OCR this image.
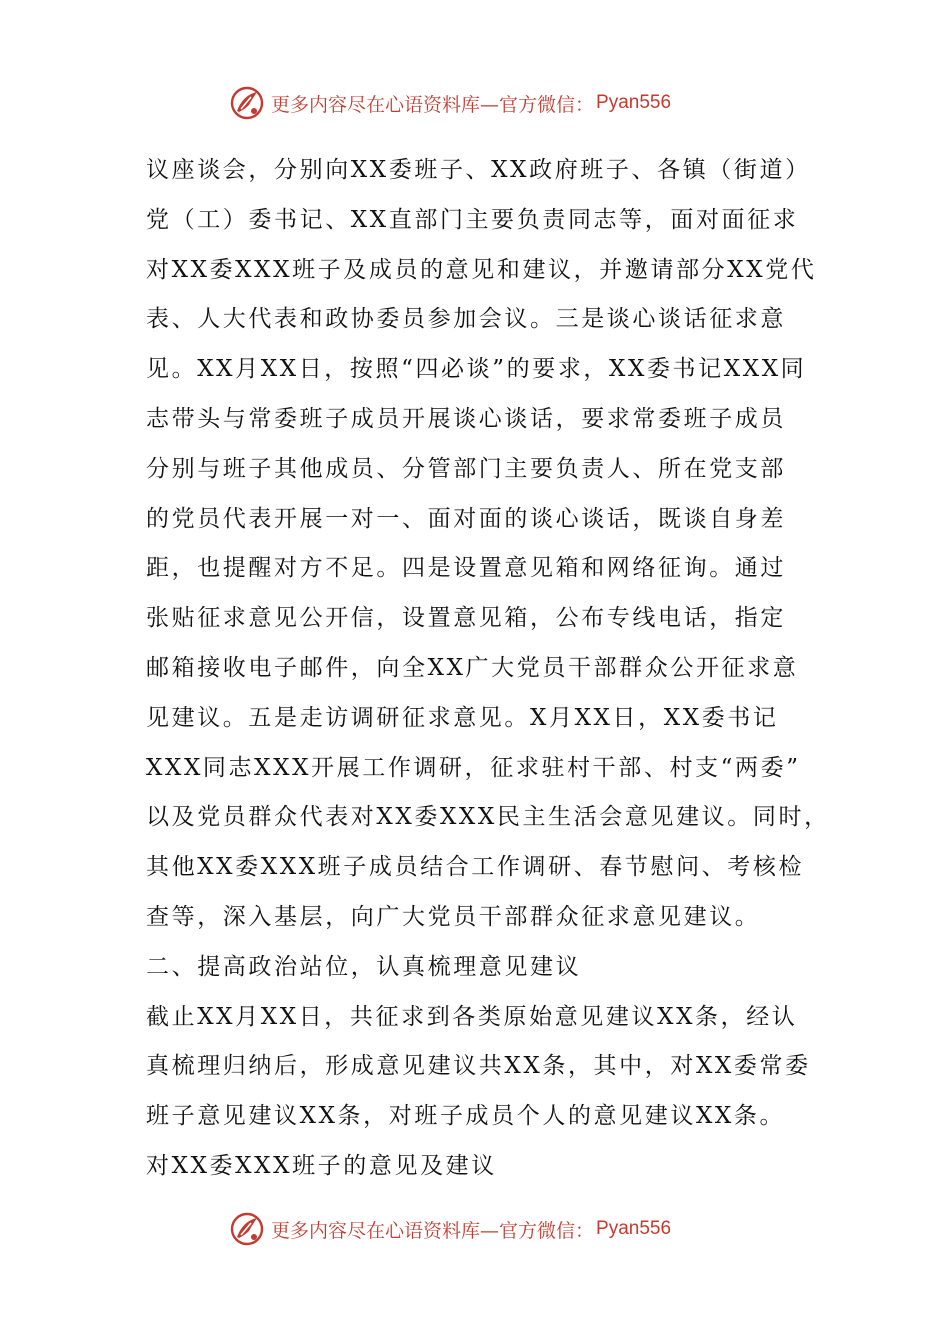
更多内容尽在心语资料库—官方微信： Pyan556
议座谈会，分别向XX委班子、XX政府班子、各镇（街道）
党（工）委书记、XX直部门主要负责同志等，面对面征求
对XX委XXX班子及成员的意见和建议，并邀请部分XX党代
表、人大代表和政协委员参加会议。三是谈心谈话征求意
见。XX月XX日，按照“四必谈”的要求，XX委书记XXX同
志带头与常委班子成员开展谈心谈话，要求常委班子成员
分别与班子其他成员、分管部门主要负责人、所在党支部
的党员代表开展一对一、面对面的谈心谈话，既谈自身差
距，也提醒对方不足。四是设置意见箱和网络征询。通过
张贴征求意见公开信，设置意见箱，公布专线电话，指定
邮箱接收电子邮件，向全XX广大党员干部群众公开征求意
见建议。五是走访调研征求意见。X月XX日，XX委书记
XXX同志XXX开展工作调研，征求驻村干部、村支“两委”
以及党员群众代表对XX委XXX民主生活会意见建议。同时，
其他XX委XXX班子成员结合工作调研、春节慰问、考核检
查等，深入基层，向广大党员干部群众征求意见建议。
二、提高政治站位，认真梳理意见建议
截止XX月XX日，共征求到各类原始意见建议XX条，经认
真梳理归纳后，形成意见建议共XX条，其中，对XX委常委
班子意见建议XX条，对班子成员个人的意见建议XX条。
对XX委XXX班子的意见及建议
更多内容尽在心语资料库—官方微信： Pyan556
